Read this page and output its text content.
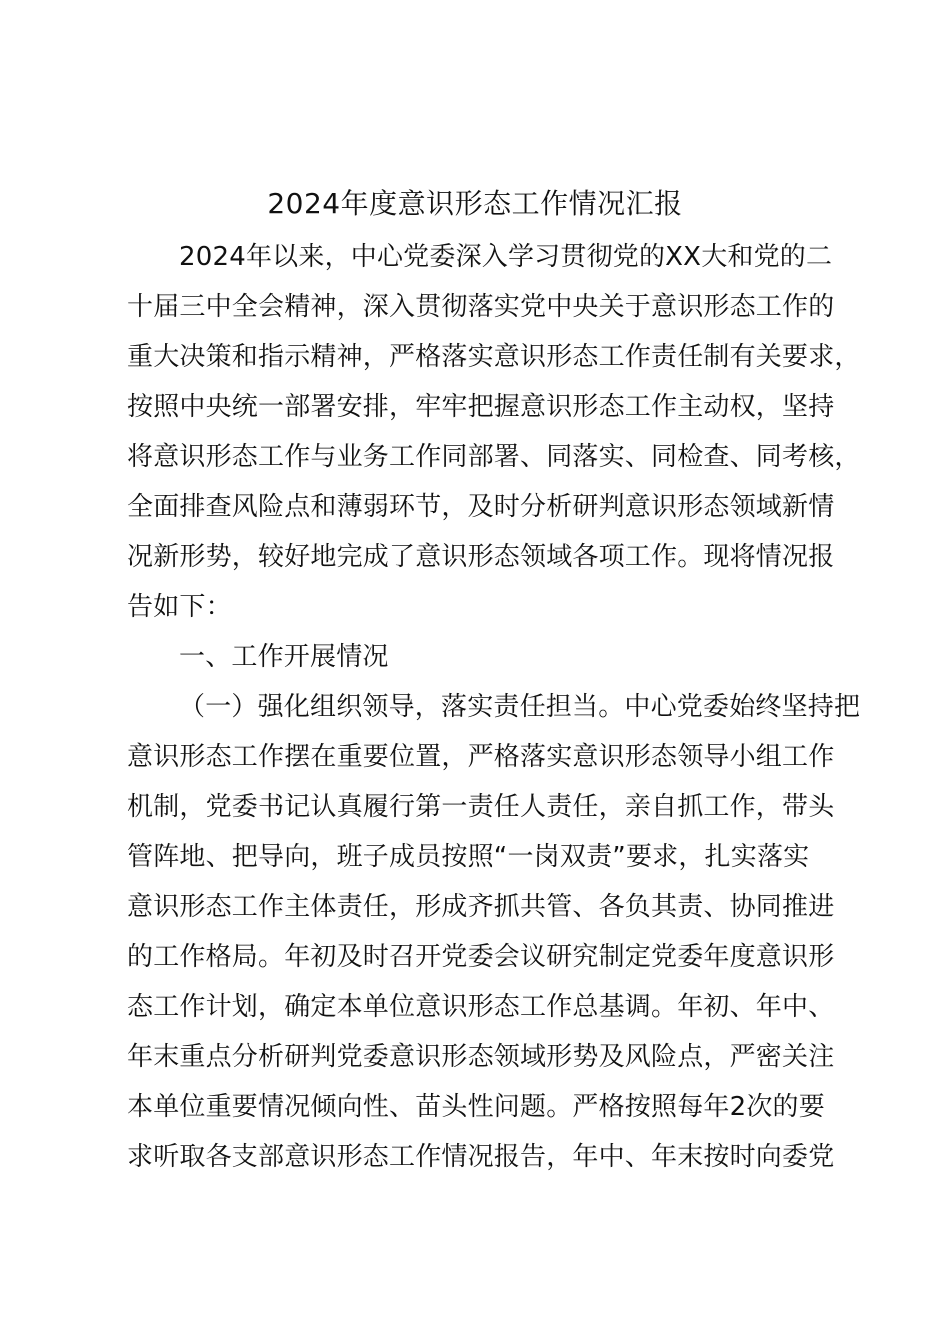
2024年度意识形态工作情况汇报
2024年以来，中心党委深入学习贯彻党的XX大和党的二
十届三中全会精神，深入贯彻落实党中央关于意识形态工作的
重大决策和指示精神，严格落实意识形态工作责任制有关要求，
按照中央统一部署安排，牢牢把握意识形态工作主动权，坚持
将意识形态工作与业务工作同部署、同落实、同检查、同考核，
全面排查风险点和薄弱环节，及时分析研判意识形态领域新情
况新形势，较好地完成了意识形态领域各项工作。现将情况报
告如下：
一、工作开展情况
（一）强化组织领导，落实责任担当。中心党委始终坚持把
意识形态工作摆在重要位置，严格落实意识形态领导小组工作
机制，党委书记认真履行第一责任人责任，亲自抓工作，带头
管阵地、把导向，班子成员按照“一岗双责”要求，扎实落实
意识形态工作主体责任，形成齐抓共管、各负其责、协同推进
的工作格局。年初及时召开党委会议研究制定党委年度意识形
态工作计划，确定本单位意识形态工作总基调。年初、年中、
年末重点分析研判党委意识形态领域形势及风险点，严密关注
本单位重要情况倾向性、苗头性问题。严格按照每年2次的要
求听取各支部意识形态工作情况报告，年中、年末按时向委党
